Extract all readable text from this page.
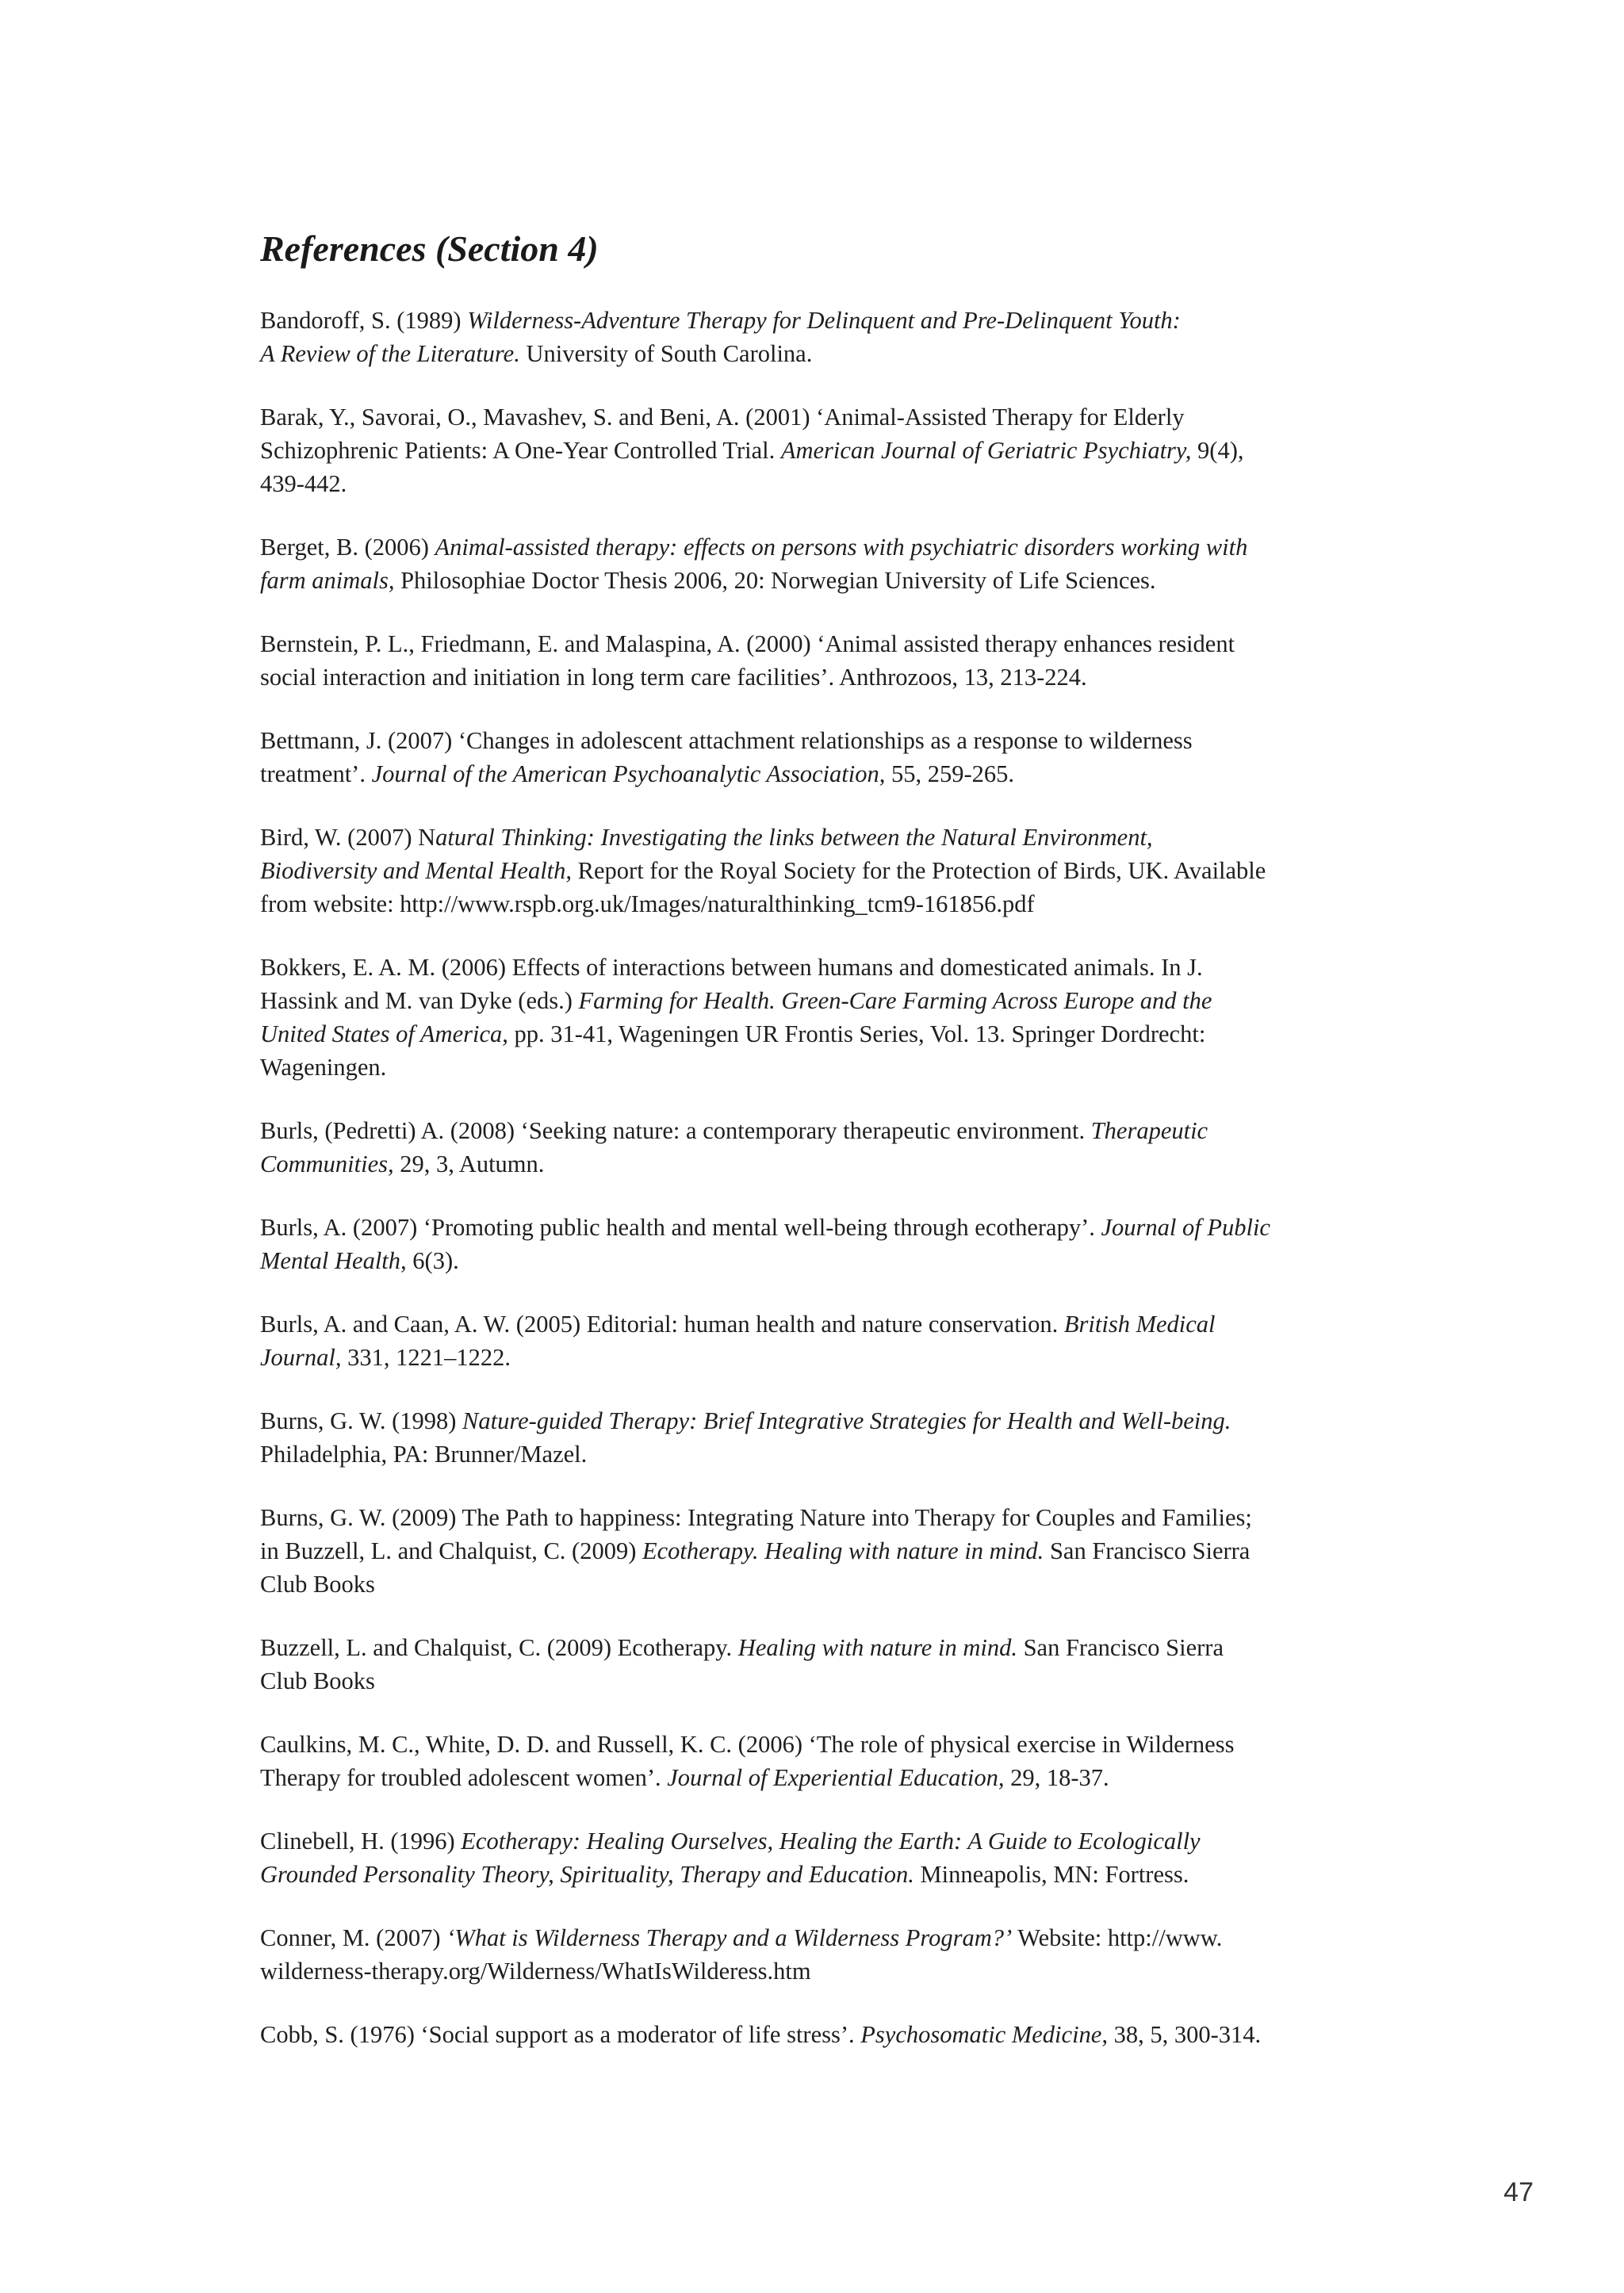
References (Section 4)
Bandoroff, S. (1989) Wilderness-Adventure Therapy for Delinquent and Pre-Delinquent Youth:
A Review of the Literature. University of South Carolina.
Barak, Y., Savorai, O., Mavashev, S. and Beni, A. (2001) ‘Animal-Assisted Therapy for Elderly
Schizophrenic Patients: A One-Year Controlled Trial. American Journal of Geriatric Psychiatry, 9(4),
439-442.
Berget, B. (2006) Animal-assisted therapy: effects on persons with psychiatric disorders working with
farm animals, Philosophiae Doctor Thesis 2006, 20: Norwegian University of Life Sciences.
Bernstein, P. L., Friedmann, E. and Malaspina, A. (2000) ‘Animal assisted therapy enhances resident
social interaction and initiation in long term care facilities’. Anthrozoos, 13, 213-224.
Bettmann, J. (2007) ‘Changes in adolescent attachment relationships as a response to wilderness
treatment’. Journal of the American Psychoanalytic Association, 55, 259-265.
Bird, W. (2007) Natural Thinking: Investigating the links between the Natural Environment,
Biodiversity and Mental Health, Report for the Royal Society for the Protection of Birds, UK. Available
from website: http://www.rspb.org.uk/Images/naturalthinking_tcm9-161856.pdf
Bokkers, E. A. M. (2006) Effects of interactions between humans and domesticated animals. In J.
Hassink and M. van Dyke (eds.) Farming for Health. Green-Care Farming Across Europe and the
United States of America, pp. 31-41, Wageningen UR Frontis Series, Vol. 13. Springer Dordrecht:
Wageningen.
Burls, (Pedretti) A. (2008) ‘Seeking nature: a contemporary therapeutic environment. Therapeutic
Communities, 29, 3, Autumn.
Burls, A. (2007) ‘Promoting public health and mental well-being through ecotherapy’. Journal of Public
Mental Health, 6(3).
Burls, A. and Caan, A. W. (2005) Editorial: human health and nature conservation. British Medical
Journal, 331, 1221–1222.
Burns, G. W. (1998) Nature-guided Therapy: Brief Integrative Strategies for Health and Well-being.
Philadelphia, PA: Brunner/Mazel.
Burns, G. W. (2009) The Path to happiness: Integrating Nature into Therapy for Couples and Families;
in Buzzell, L. and Chalquist, C. (2009) Ecotherapy. Healing with nature in mind. San Francisco Sierra
Club Books
Buzzell, L. and Chalquist, C. (2009) Ecotherapy. Healing with nature in mind. San Francisco Sierra
Club Books
Caulkins, M. C., White, D. D. and Russell, K. C. (2006) ‘The role of physical exercise in Wilderness
Therapy for troubled adolescent women’. Journal of Experiential Education, 29, 18-37.
Clinebell, H. (1996) Ecotherapy: Healing Ourselves, Healing the Earth: A Guide to Ecologically
Grounded Personality Theory, Spirituality, Therapy and Education. Minneapolis, MN: Fortress.
Conner, M. (2007) ‘What is Wilderness Therapy and a Wilderness Program?’ Website: http://www.
wilderness-therapy.org/Wilderness/WhatIsWilderess.htm
Cobb, S. (1976) ‘Social support as a moderator of life stress’. Psychosomatic Medicine, 38, 5, 300-314.
47
